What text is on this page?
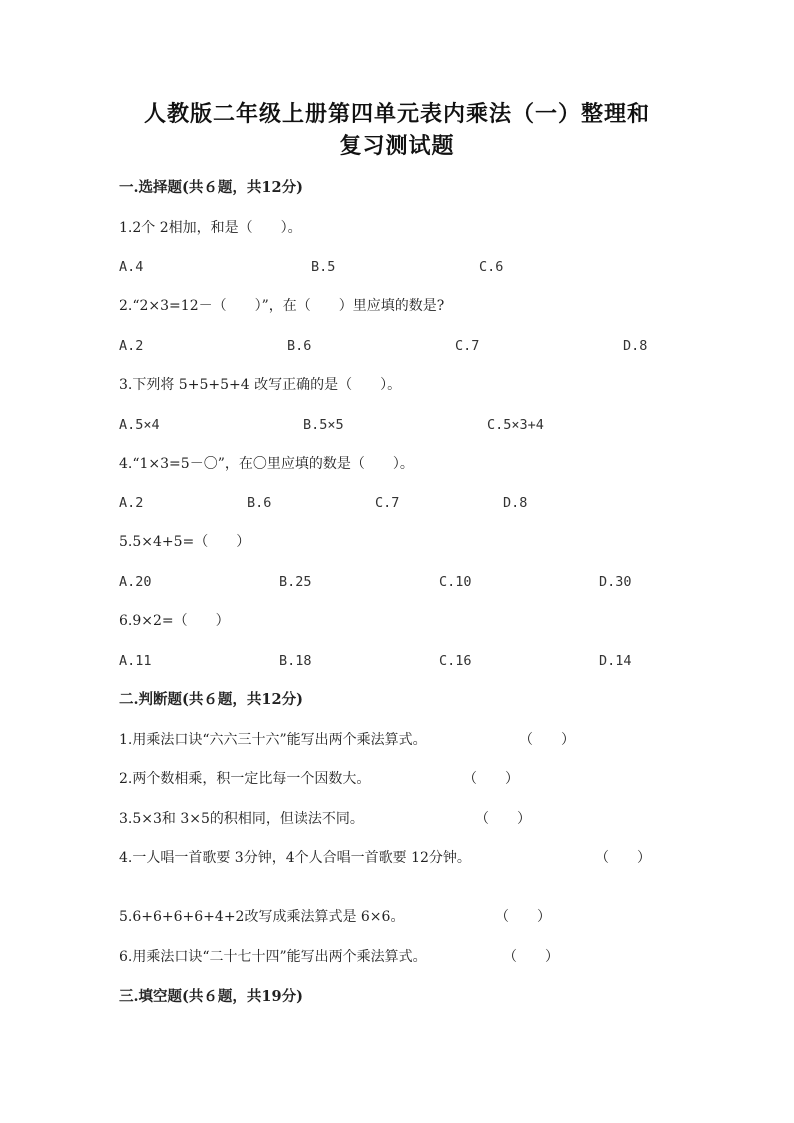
人教版二年级上册第四单元表内乘法（一）整理和
复习测试题
一.选择题(共６题，共12分)
1.2个 2相加，和是（　　）。
A.4	B.5	C.6
2.“2×3=12－（　　）”，在（　　）里应填的数是?
A.2	B.6	C.7	D.8
3.下列将 5+5+5+4 改写正确的是（　　）。
A.5×4	B.5×5	C.5×3+4
4.“1×3=5－〇”，在〇里应填的数是（　　）。
A.2	B.6	C.7	D.8
5.5×4+5=（　　）
A.20	B.25	C.10	D.30
6.9×2=（　　）
A.11	B.18	C.16	D.14
二.判断题(共６题，共12分)
1.用乘法口诀“六六三十六”能写出两个乘法算式。	（　　）
2.两个数相乘，积一定比每一个因数大。	（　　）
3.5×3和 3×5的积相同，但读法不同。	（　　）
4.一人唱一首歌要 3分钟，4个人合唱一首歌要 12分钟。	（　　）
5.6+6+6+6+4+2改写成乘法算式是 6×6。	（　　）
6.用乘法口诀“二十七十四”能写出两个乘法算式。	（　　）
三.填空题(共６题，共19分)
